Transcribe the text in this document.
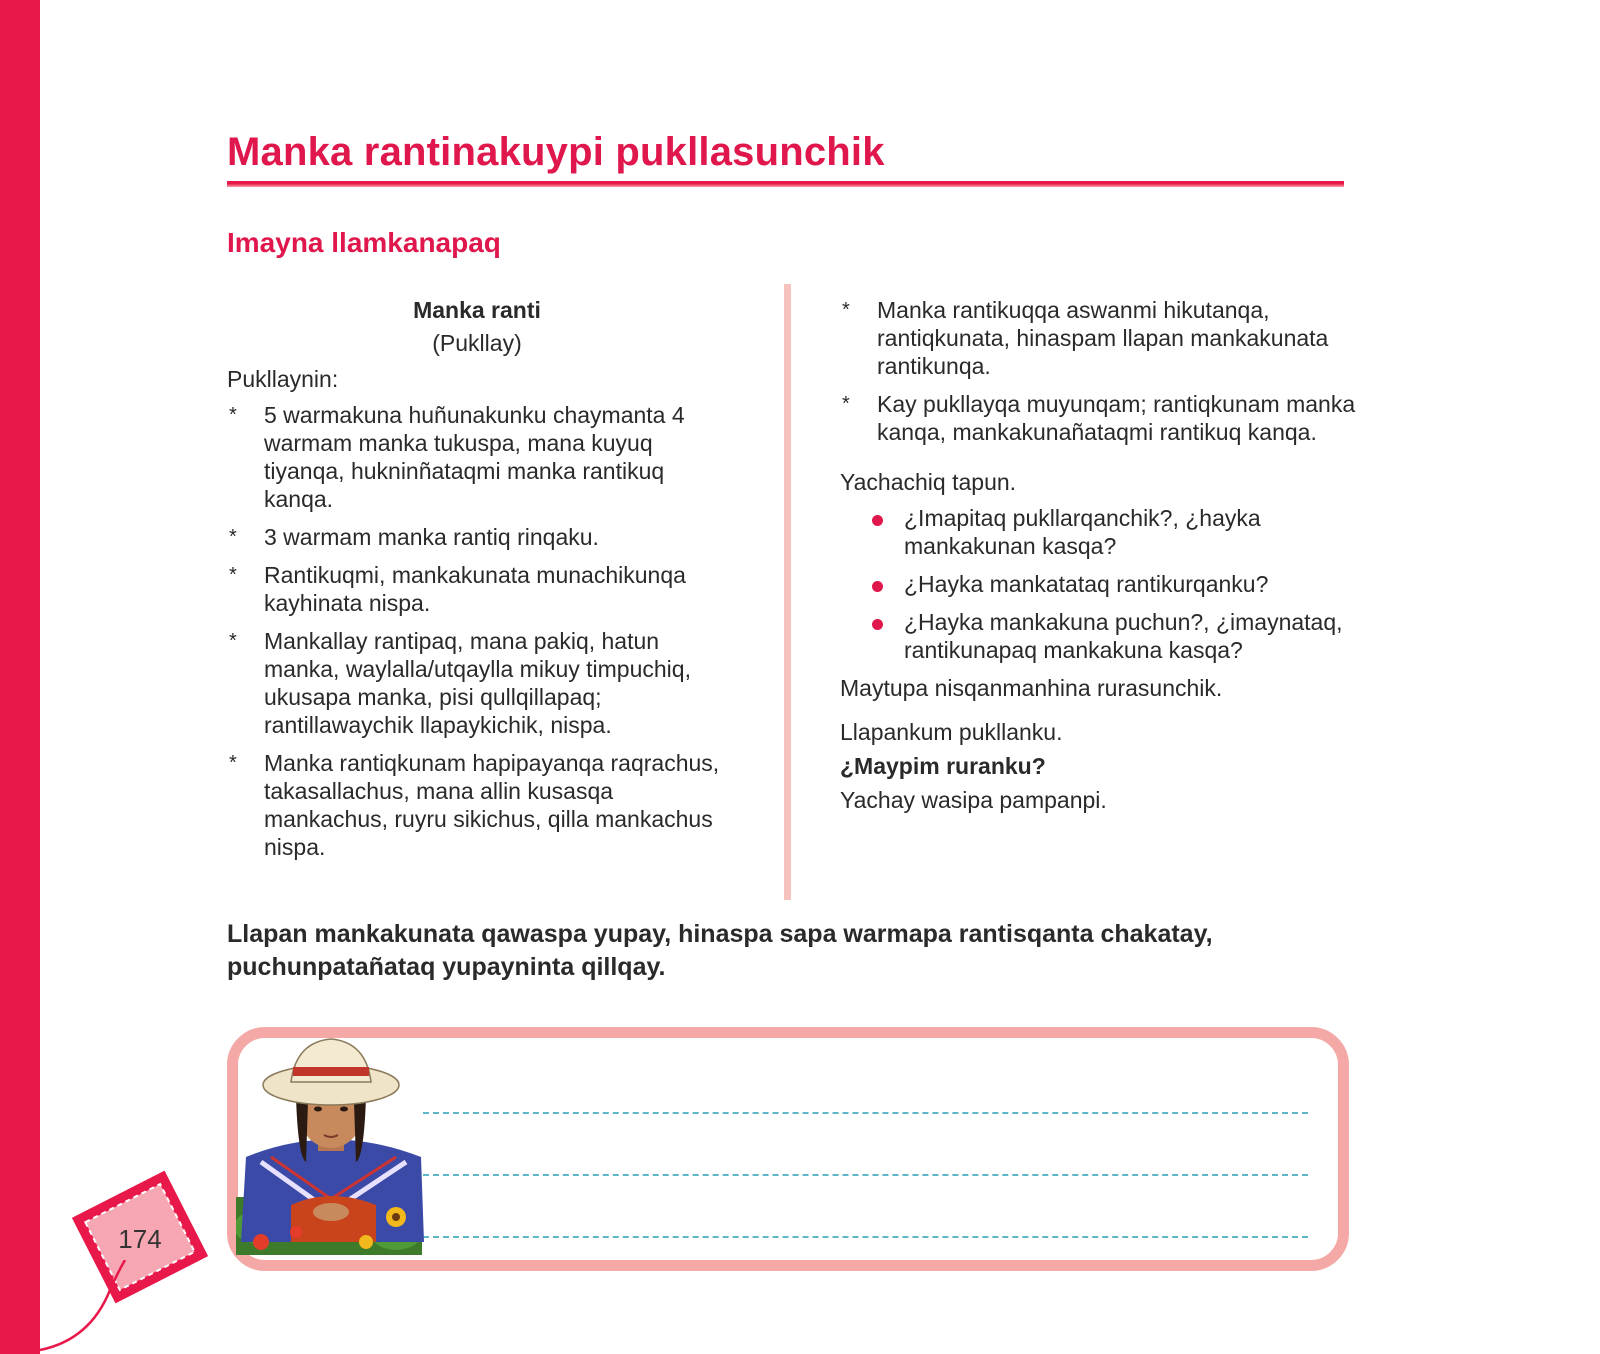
Manka rantinakuypi pukllasunchik
Imayna llamkanapaq
Manka ranti
(Pukllay)
Pukllaynin:
* 5 warmakuna huñunakunku chaymanta 4 warmam manka tukuspa, mana kuyuq tiyanqa, hukninñataqmi manka rantikuq kanqa.
* 3 warmam manka rantiq rinqaku.
* Rantikuqmi, mankakunata munachikunqa kayhinata nispa.
* Mankallay rantipaq, mana pakiq, hatun manka, waylalla/utqaylla mikuy timpuchiq, ukusapa manka, pisi qullqillapaq; rantillawaychik llapaykichik, nispa.
* Manka rantiqkunam hapipayanqa raqrachus, takasallachus, mana allin kusasqa mankachus, ruyru sikichus, qilla mankachus nispa.
* Manka rantikuqqa aswanmi hikutanqa, rantiqkunata, hinaspam llapan mankakunata rantikunqa.
* Kay pukllayqa muyunqam; rantiqkunam manka kanqa, mankakunañataqmi rantikuq kanqa.
Yachachiq tapun.
¿Imapitaq pukllarqanchik?, ¿hayka mankakunan kasqa?
¿Hayka mankatataq rantikurqanku?
¿Hayka mankakuna puchun?, ¿imaynataq, rantikunapaq mankakuna kasqa?
Maytupa nisqanmanhina rurasunchik.
Llapankum pukllanku.
¿Maypim ruranku?
Yachay wasipa pampanpi.

Llapan mankakunata qawaspa yupay, hinaspa sapa warmapa rantisqanta chakatay, puchunpatañataq yupayninta qillqay.

174
